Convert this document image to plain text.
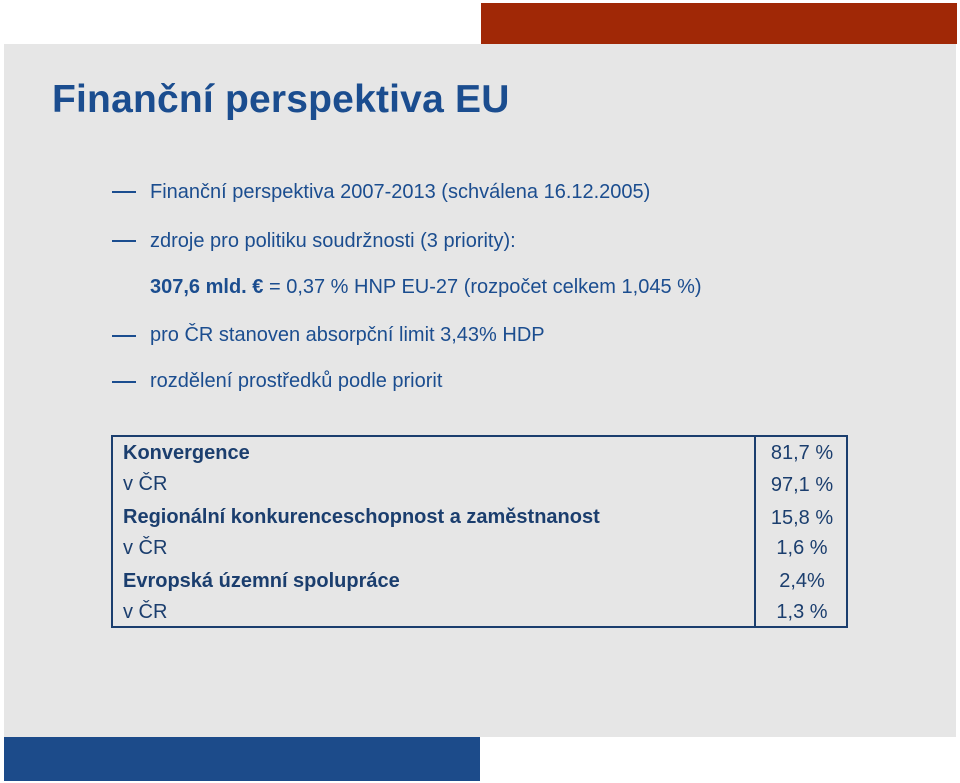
Finanční perspektiva EU
Finanční perspektiva 2007-2013 (schválena 16.12.2005)
zdroje pro politiku soudržnosti (3 priority):
307,6 mld. € = 0,37 % HNP EU-27 (rozpočet celkem 1,045 %)
pro ČR stanoven absorpční limit 3,43% HDP
rozdělení prostředků podle priorit
Konvergence
v ČR
81,7 %
97,1 %
Regionální konkurenceschopnost a zaměstnanost
v ČR
15,8 %
1,6 %
Evropská územní spolupráce
v ČR
2,4%
1,3 %
